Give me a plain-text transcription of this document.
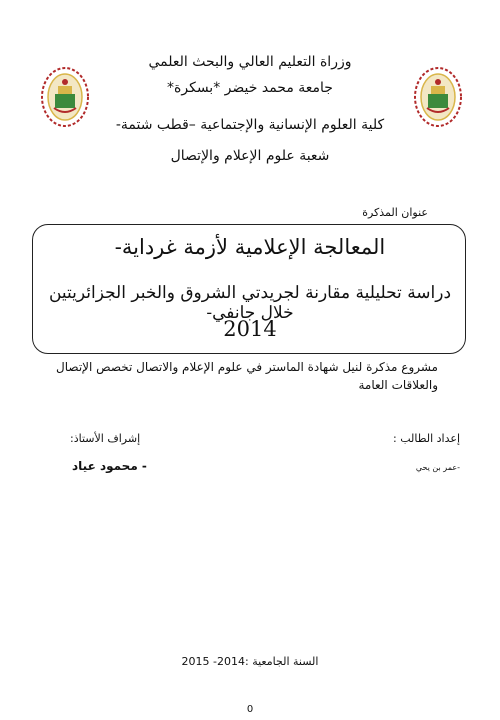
وزراة التعليم العالي والبحث العلمي
جامعة محمد خيضر *بسكرة*
كلية العلوم الإنسانية والإجتماعية –قطب شتمة-
شعبة علوم الإعلام والإتصال
عنوان المذكرة
المعالجة الإعلامية لأزمة غرداية-
دراسة تحليلية مقارنة لجريدتي الشروق والخبر الجزائريتين خلال جانفي-
2014
مشروع مذكرة لنيل شهادة الماستر في علوم الإعلام والاتصال تخصص الإتصال
والعلاقات العامة
إعداد الطالب :
إشراف الأستاذ:
-عمر بن يحي
- محمود عياد
السنة الجامعية :2014- 2015
0
